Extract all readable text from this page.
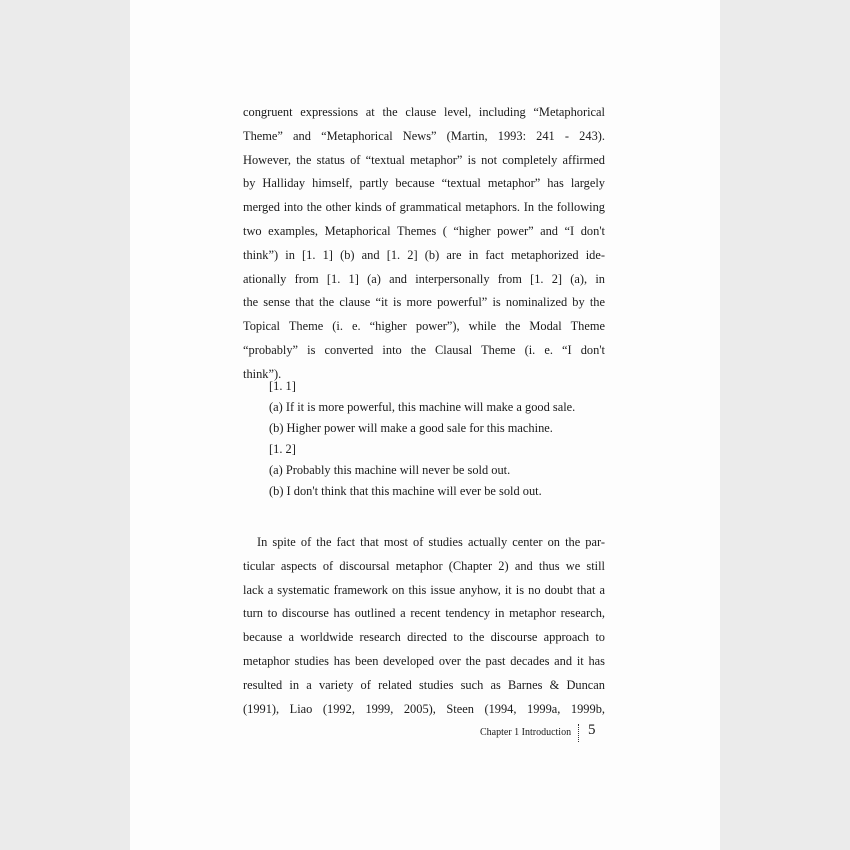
congruent expressions at the clause level, including “Metaphorical
Theme” and “Metaphorical News” (Martin, 1993: 241 - 243).
However, the status of “textual metaphor” is not completely affirmed
by Halliday himself, partly because “textual metaphor” has largely
merged into the other kinds of grammatical metaphors. In the following
two examples, Metaphorical Themes ( “higher power” and “I don't
think”) in [1. 1] (b) and [1. 2] (b) are in fact metaphorized ide-
ationally from [1. 1] (a) and interpersonally from [1. 2] (a), in
the sense that the clause “it is more powerful” is nominalized by the
Topical Theme (i. e. “higher power”), while the Modal Theme
“probably” is converted into the Clausal Theme (i. e. “I don't
think”).
[1. 1]
(a) If it is more powerful, this machine will make a good sale.
(b) Higher power will make a good sale for this machine.
[1. 2]
(a) Probably this machine will never be sold out.
(b) I don't think that this machine will ever be sold out.
In spite of the fact that most of studies actually center on the par-
ticular aspects of discoursal metaphor (Chapter 2) and thus we still
lack a systematic framework on this issue anyhow, it is no doubt that a
turn to discourse has outlined a recent tendency in metaphor research,
because a worldwide research directed to the discourse approach to
metaphor studies has been developed over the past decades and it has
resulted in a variety of related studies such as Barnes & Duncan
(1991), Liao (1992, 1999, 2005), Steen (1994, 1999a, 1999b,
Chapter 1 Introduction 5
